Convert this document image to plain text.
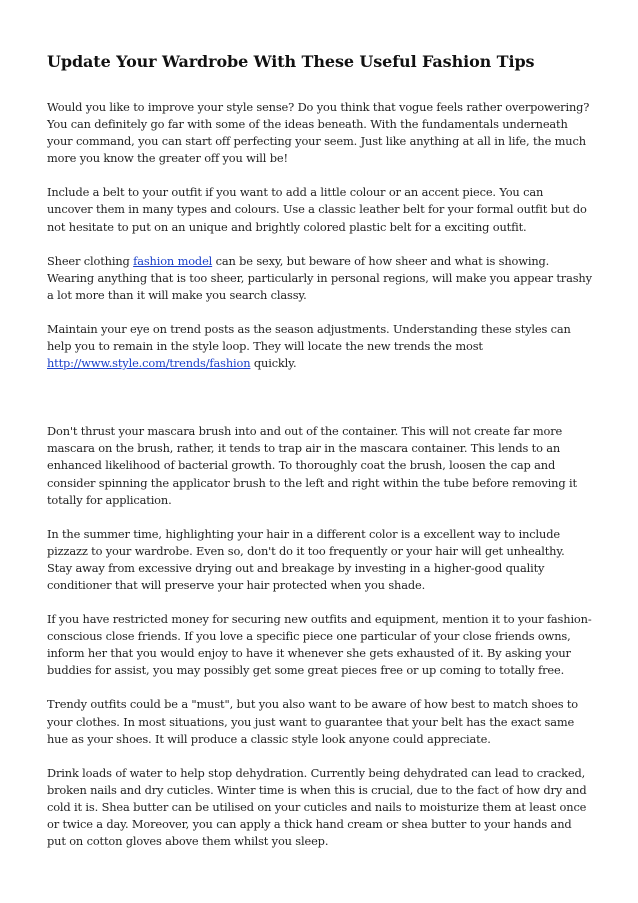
Update Your Wardrobe With These Useful Fashion Tips

Would you like to improve your style sense? Do you think that vogue feels rather overpowering? You can definitely go far with some of the ideas beneath. With the fundamentals underneath your command, you can start off perfecting your seem. Just like anything at all in life, the much more you know the greater off you will be!

Include a belt to your outfit if you want to add a little colour or an accent piece. You can uncover them in many types and colours. Use a classic leather belt for your formal outfit but do not hesitate to put on an unique and brightly colored plastic belt for a exciting outfit.

Sheer clothing fashion model can be sexy, but beware of how sheer and what is showing. Wearing anything that is too sheer, particularly in personal regions, will make you appear trashy a lot more than it will make you search classy.

Maintain your eye on trend posts as the season adjustments. Understanding these styles can help you to remain in the style loop. They will locate the new trends the most http://www.style.com/trends/fashion quickly.

Don't thrust your mascara brush into and out of the container. This will not create far more mascara on the brush, rather, it tends to trap air in the mascara container. This lends to an enhanced likelihood of bacterial growth. To thoroughly coat the brush, loosen the cap and consider spinning the applicator brush to the left and right within the tube before removing it totally for application.

In the summer time, highlighting your hair in a different color is a excellent way to include pizzazz to your wardrobe. Even so, don't do it too frequently or your hair will get unhealthy. Stay away from excessive drying out and breakage by investing in a higher-good quality conditioner that will preserve your hair protected when you shade.

If you have restricted money for securing new outfits and equipment, mention it to your fashion-conscious close friends. If you love a specific piece one particular of your close friends owns, inform her that you would enjoy to have it whenever she gets exhausted of it. By asking your buddies for assist, you may possibly get some great pieces free or up coming to totally free.

Trendy outfits could be a "must", but you also want to be aware of how best to match shoes to your clothes. In most situations, you just want to guarantee that your belt has the exact same hue as your shoes. It will produce a classic style look anyone could appreciate.

Drink loads of water to help stop dehydration. Currently being dehydrated can lead to cracked, broken nails and dry cuticles. Winter time is when this is crucial, due to the fact of how dry and cold it is. Shea butter can be utilised on your cuticles and nails to moisturize them at least once or twice a day. Moreover, you can apply a thick hand cream or shea butter to your hands and put on cotton gloves above them whilst you sleep.
